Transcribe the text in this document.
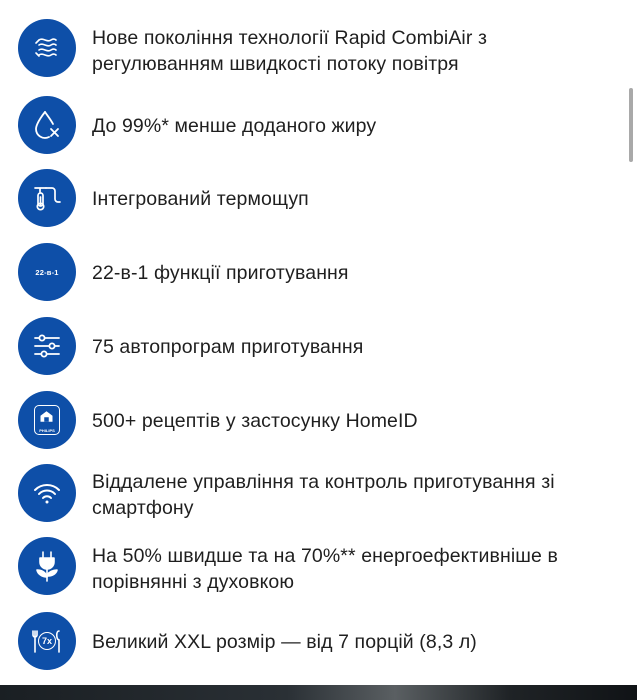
Нове покоління технології Rapid CombiAir з
регулюванням швидкості потоку повітря
До 99%* менше доданого жиру
Інтегрований термощуп
22-в-1 22-в-1 функції приготування
75 автопрограм приготування
PHILIPS 500+ рецептів у застосунку HomeID
Віддалене управління та контроль приготування зі
смартфону
На 50% швидше та на 70%** енергоефективніше в
порівнянні з духовкою
7x Великий XXL розмір — від 7 порцій (8,3 л)
